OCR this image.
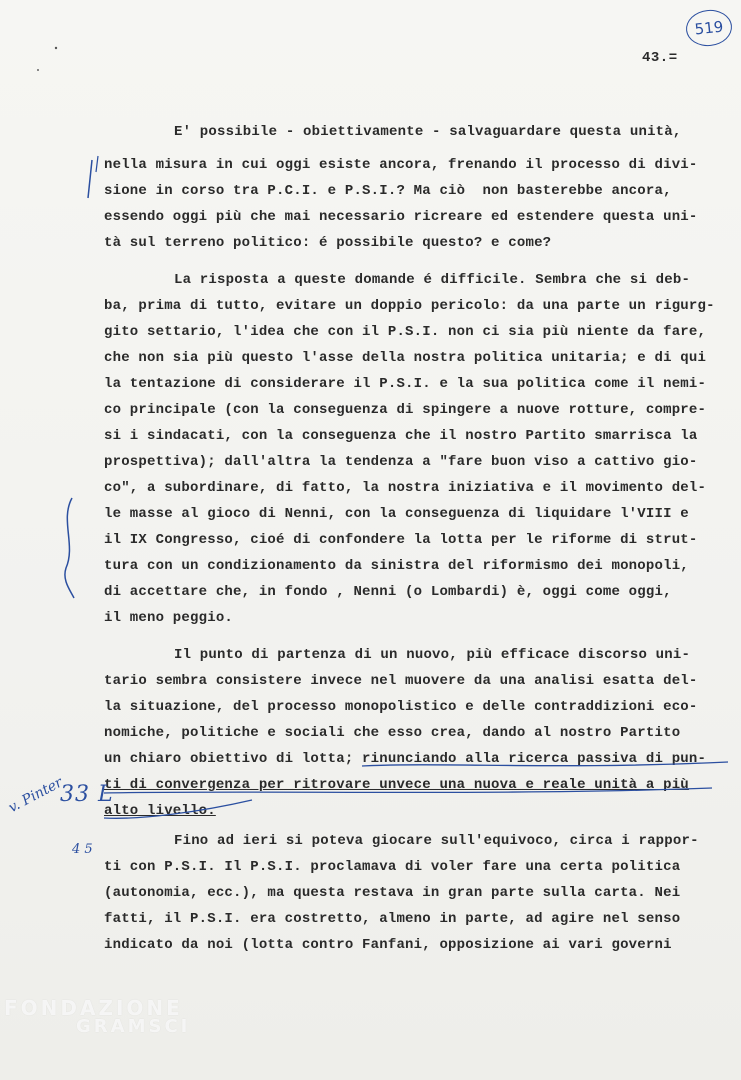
519
43.=
E' possibile - obiettivamente - salvaguardare questa unità,
nella misura in cui oggi esiste ancora, frenando il processo di divi-
sione in corso tra P.C.I. e P.S.I.? Ma ciò  non basterebbe ancora,
essendo oggi più che mai necessario ricreare ed estendere questa uni-
tà sul terreno politico: é possibile questo? e come?
La risposta a queste domande é difficile. Sembra che si deb-
ba, prima di tutto, evitare un doppio pericolo: da una parte un rigurg-
gito settario, l'idea che con il P.S.I. non ci sia più niente da fare,
che non sia più questo l'asse della nostra politica unitaria; e di qui
la tentazione di considerare il P.S.I. e la sua politica come il nemi-
co principale (con la conseguenza di spingere a nuove rotture, compre-
si i sindacati, con la conseguenza che il nostro Partito smarrisca la
prospettiva); dall'altra la tendenza a "fare buon viso a cattivo gio-
co", a subordinare, di fatto, la nostra iniziativa e il movimento del-
le masse al gioco di Nenni, con la conseguenza di liquidare l'VIII e
il IX Congresso, cioé di confondere la lotta per le riforme di strut-
tura con un condizionamento da sinistra del riformismo dei monopoli,
di accettare che, in fondo , Nenni (o Lombardi) è, oggi come oggi,
il meno peggio.
Il punto di partenza di un nuovo, più efficace discorso uni-
tario sembra consistere invece nel muovere da una analisi esatta del-
la situazione, del processo monopolistico e delle contraddizioni eco-
nomiche, politiche e sociali che esso crea, dando al nostro Partito
un chiaro obiettivo di lotta; rinunciando alla ricerca passiva di pun-
ti di convergenza per ritrovare unvece una nuova e reale unità a più
alto livello.
Fino ad ieri si poteva giocare sull'equivoco, circa i rappor-
ti con P.S.I. Il P.S.I. proclamava di voler fare una certa politica
(autonomia, ecc.), ma questa restava in gran parte sulla carta. Nei
fatti, il P.S.I. era costretto, almeno in parte, ad agire nel senso
indicato da noi (lotta contro Fanfani, opposizione ai vari governi
v. Pinter
33 L
4 5
FONDAZIONE
GRAMSCI
